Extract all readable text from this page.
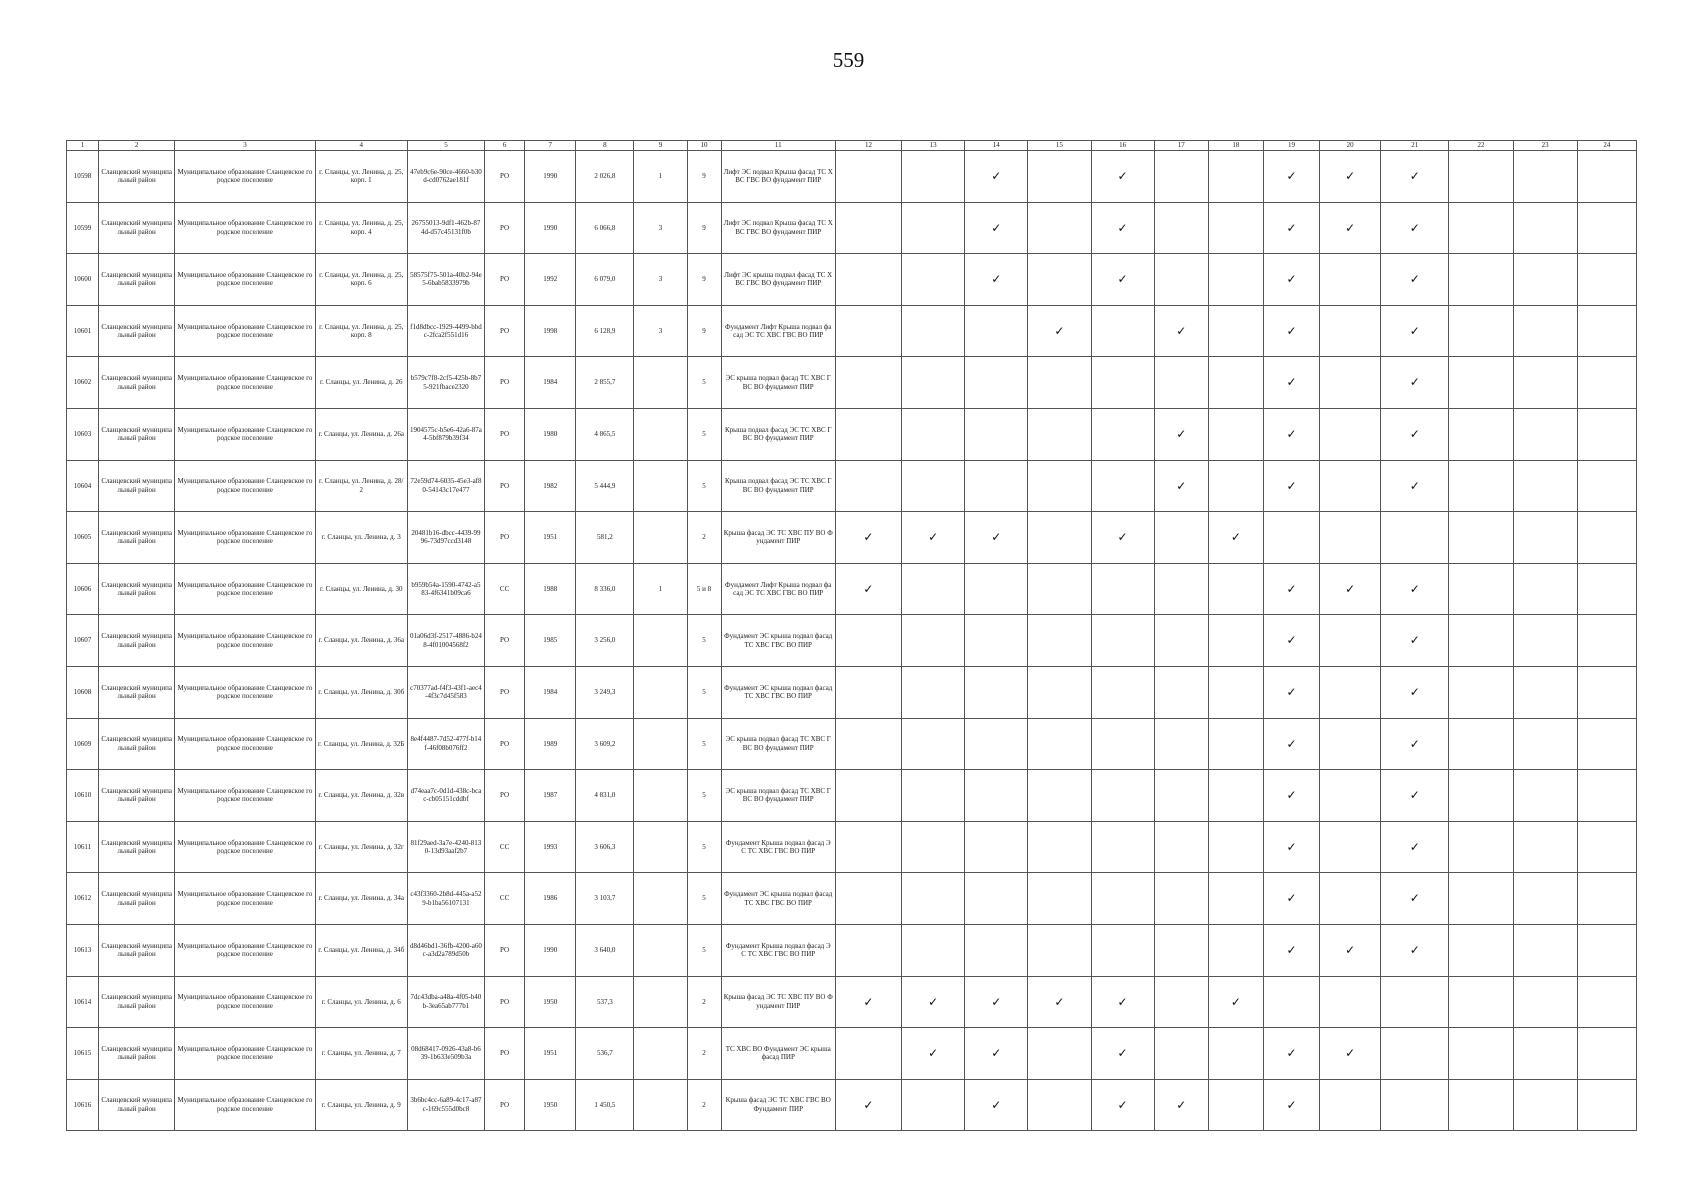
559
1	2	3	4	5	6	7	8	9	10	11	12	13	14	15	16	17	18	19	20	21	22	23	24
10598	Сланцевский муниципальный район	Муниципальное образование Сланцевское городское поселение	г. Сланцы, ул. Ленина, д. 25, корп. 1	47eb9c6e-90ce-4660-b30d-cd0762ae181f	РО	1990	2 026,8	1	9	Лифт ЭС подвал Крыша фасад ТС ХВС ГВС ВО фундамент ПИР			✓		✓			✓	✓	✓			
10599	Сланцевский муниципальный район	Муниципальное образование Сланцевское городское поселение	г. Сланцы, ул. Ленина, д. 25, корп. 4	26755013-9df1-462b-874d-d57c45131f0b	РО	1990	6 066,8	3	9	Лифт ЭС подвал Крыша фасад ТС ХВС ГВС ВО фундамент ПИР			✓		✓			✓	✓	✓			
10600	Сланцевский муниципальный район	Муниципальное образование Сланцевское городское поселение	г. Сланцы, ул. Ленина, д. 25, корп. 6	58575f75-501a-40b2-94e5-6bab5833979b	РО	1992	6 079,0	3	9	Лифт ЭС крыша подвал фасад ТС ХВС ГВС ВО фундамент ПИР			✓		✓			✓		✓			
10601	Сланцевский муниципальный район	Муниципальное образование Сланцевское городское поселение	г. Сланцы, ул. Ленина, д. 25, корп. 8	f1d8dbcc-1929-4499-bbdc-2fca2f551d16	РО	1998	6 128,9	3	9	Фундамент Лифт Крыша подвал фасад ЭС ТС ХВС ГВС ВО ПИР				✓		✓		✓		✓			
10602	Сланцевский муниципальный район	Муниципальное образование Сланцевское городское поселение	г. Сланцы, ул. Ленина, д. 26	b579c7f8-2cf5-425b-8b75-921fbace2320	РО	1984	2 855,7		5	ЭС крыша подвал фасад ТС ХВС ГВС ВО фундамент ПИР								✓		✓			
10603	Сланцевский муниципальный район	Муниципальное образование Сланцевское городское поселение	г. Сланцы, ул. Ленина, д. 26а	1904575c-b5e6-42a6-87a4-5bf879b39f34	РО	1980	4 865,5		5	Крыша подвал фасад ЭС ТС ХВС ГВС ВО фундамент ПИР						✓		✓		✓			
10604	Сланцевский муниципальный район	Муниципальное образование Сланцевское городское поселение	г. Сланцы, ул. Ленина, д. 28/2	72e59d74-6035-45e3-af80-54143c17e477	РО	1982	5 444,9		5	Крыша подвал фасад ЭС ТС ХВС ГВС ВО фундамент ПИР						✓		✓		✓			
10605	Сланцевский муниципальный район	Муниципальное образование Сланцевское городское поселение	г. Сланцы, ул. Ленина, д. 3	20481b16-dbcc-4439-9996-73d97ccd3148	РО	1951	581,2		2	Крыша фасад ЭС ТС ХВС ПУ ВО Фундамент ПИР	✓	✓	✓		✓		✓						
10606	Сланцевский муниципальный район	Муниципальное образование Сланцевское городское поселение	г. Сланцы, ул. Ленина, д. 30	b959b54a-1590-4742-a583-4f6341b09ca6	СС	1988	8 336,0	1	5 и 8	Фундамент Лифт Крыша подвал фасад ЭС ТС ХВС ГВС ВО ПИР	✓							✓	✓	✓			
10607	Сланцевский муниципальный район	Муниципальное образование Сланцевское городское поселение	г. Сланцы, ул. Ленина, д. 36а	01a06d3f-2517-4886-b248-4f01004568f2	РО	1985	3 256,0		5	Фундамент ЭС крыша подвал фасад ТС ХВС ГВС ВО ПИР								✓		✓			
10608	Сланцевский муниципальный район	Муниципальное образование Сланцевское городское поселение	г. Сланцы, ул. Ленина, д. 30б	c70377ad-f4f3-43f1-aec4-4f3c7d45f583	РО	1984	3 249,3		5	Фундамент ЭС крыша подвал фасад ТС ХВС ГВС ВО ПИР								✓		✓			
10609	Сланцевский муниципальный район	Муниципальное образование Сланцевское городское поселение	г. Сланцы, ул. Ленина, д. 32Б	8e4f4487-7d52-477f-b14f-46f08b076ff2	РО	1989	3 609,2		5	ЭС крыша подвал фасад ТС ХВС ГВС ВО фундамент ПИР								✓		✓			
10610	Сланцевский муниципальный район	Муниципальное образование Сланцевское городское поселение	г. Сланцы, ул. Ленина, д. 32в	d74eaa7c-0d1d-438c-bcac-cb05151cddbf	РО	1987	4 831,0		5	ЭС крыша подвал фасад ТС ХВС ГВС ВО фундамент ПИР								✓		✓			
10611	Сланцевский муниципальный район	Муниципальное образование Сланцевское городское поселение	г. Сланцы, ул. Ленина, д. 32г	81f29aed-3a7e-4240-8130-13d93aaf2b7	СС	1993	3 606,3		5	Фундамент Крыша подвал фасад ЭС ТС ХВС ГВС ВО ПИР								✓		✓			
10612	Сланцевский муниципальный район	Муниципальное образование Сланцевское городское поселение	г. Сланцы, ул. Ленина, д. 34а	c43f3360-2b8d-445a-a529-b1ba56107131	СС	1986	3 103,7		5	Фундамент ЭС крыша подвал фасад ТС ХВС ГВС ВО ПИР								✓		✓			
10613	Сланцевский муниципальный район	Муниципальное образование Сланцевское городское поселение	г. Сланцы, ул. Ленина, д. 34б	d8d46bd1-36fb-4200-a60c-a3d2a789d50b	РО	1990	3 640,0		5	Фундамент Крыша подвал фасад ЭС ТС ХВС ГВС ВО ПИР								✓	✓	✓			
10614	Сланцевский муниципальный район	Муниципальное образование Сланцевское городское поселение	г. Сланцы, ул. Ленина, д. 6	7dc43dba-a48a-4f05-b40b-3ea65ab777b1	РО	1950	537,3		2	Крыша фасад ЭС ТС ХВС ПУ ВО Фундамент ПИР	✓	✓	✓	✓	✓		✓						
10615	Сланцевский муниципальный район	Муниципальное образование Сланцевское городское поселение	г. Сланцы, ул. Ленина, д. 7	08d68417-0926-43a8-b639-1b633e509b3a	РО	1951	536,7		2	ТС ХВС ВО Фундамент ЭС крыша фасад ПИР		✓	✓		✓			✓	✓				
10616	Сланцевский муниципальный район	Муниципальное образование Сланцевское городское поселение	г. Сланцы, ул. Ленина, д. 9	3b6bc4cc-6a89-4c17-a87c-169c555d0bc8	РО	1950	1 450,5		2	Крыша фасад ЭС ТС ХВС ГВС ВО Фундамент ПИР	✓		✓		✓	✓		✓					
